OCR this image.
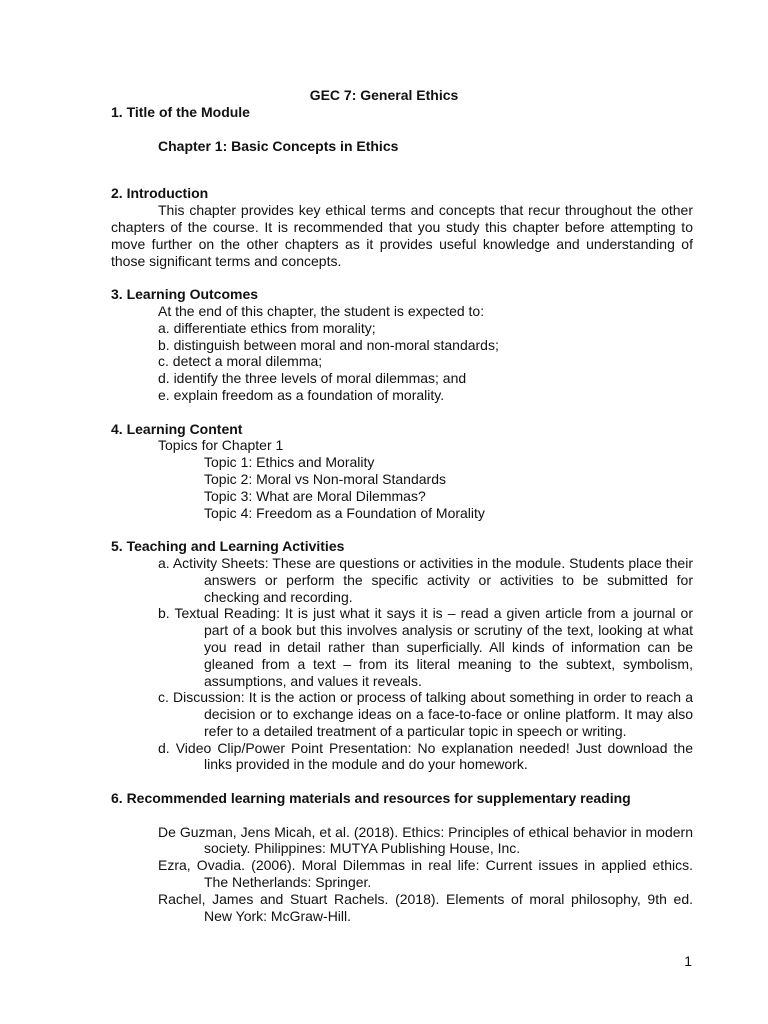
GEC 7: General Ethics

1. Title of the Module

Chapter 1: Basic Concepts in Ethics

2. Introduction

This chapter provides key ethical terms and concepts that recur throughout the other chapters of the course. It is recommended that you study this chapter before attempting to move further on the other chapters as it provides useful knowledge and understanding of those significant terms and concepts.

3. Learning Outcomes

At the end of this chapter, the student is expected to:
a. differentiate ethics from morality;
b. distinguish between moral and non-moral standards;
c. detect a moral dilemma;
d. identify the three levels of moral dilemmas; and
e. explain freedom as a foundation of morality.

4. Learning Content

Topics for Chapter 1
Topic 1: Ethics and Morality
Topic 2: Moral vs Non-moral Standards
Topic 3: What are Moral Dilemmas?
Topic 4: Freedom as a Foundation of Morality

5. Teaching and Learning Activities

a. Activity Sheets: These are questions or activities in the module. Students place their answers or perform the specific activity or activities to be submitted for checking and recording.
b. Textual Reading: It is just what it says it is – read a given article from a journal or part of a book but this involves analysis or scrutiny of the text, looking at what you read in detail rather than superficially. All kinds of information can be gleaned from a text – from its literal meaning to the subtext, symbolism, assumptions, and values it reveals.
c. Discussion: It is the action or process of talking about something in order to reach a decision or to exchange ideas on a face-to-face or online platform. It may also refer to a detailed treatment of a particular topic in speech or writing.
d. Video Clip/Power Point Presentation: No explanation needed! Just download the links provided in the module and do your homework.

6. Recommended learning materials and resources for supplementary reading

De Guzman, Jens Micah, et al. (2018). Ethics: Principles of ethical behavior in modern society. Philippines: MUTYA Publishing House, Inc.
Ezra, Ovadia. (2006). Moral Dilemmas in real life: Current issues in applied ethics. The Netherlands: Springer.
Rachel, James and Stuart Rachels. (2018). Elements of moral philosophy, 9th ed. New York: McGraw-Hill.
1
